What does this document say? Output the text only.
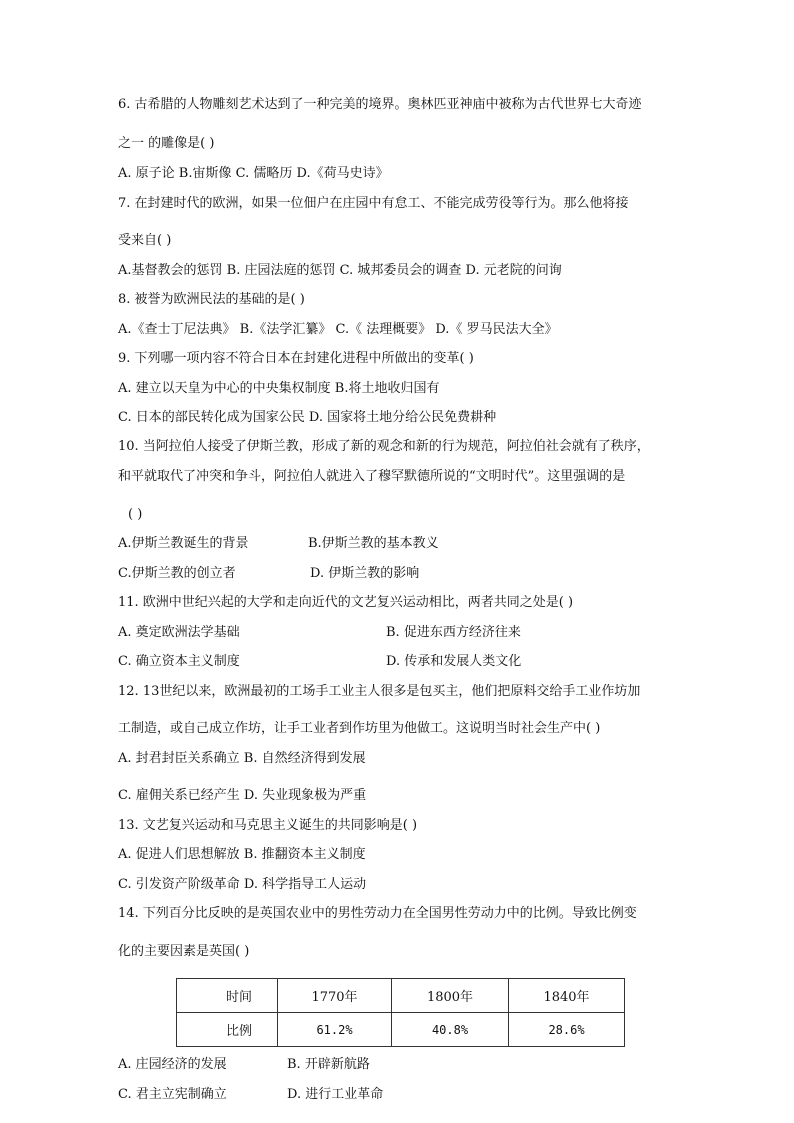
6. 古希腊的人物雕刻艺术达到了一种完美的境界。奥林匹亚神庙中被称为古代世界七大奇迹
之一 的雕像是( )
A. 原子论 B.宙斯像 C. 儒略历 D.《荷马史诗》
7. 在封建时代的欧洲，如果一位佃户在庄园中有怠工、不能完成劳役等行为。那么他将接
受来自( )
A.基督教会的惩罚 B. 庄园法庭的惩罚 C. 城邦委员会的调查 D. 元老院的问询
8. 被誉为欧洲民法的基础的是( )
A.《查士丁尼法典》 B.《法学汇纂》 C.《 法理概要》 D.《 罗马民法大全》
9. 下列哪一项内容不符合日本在封建化进程中所做出的变革( )
A. 建立以天皇为中心的中央集权制度 B.将土地收归国有
C. 日本的部民转化成为国家公民 D. 国家将土地分给公民免费耕种
10. 当阿拉伯人接受了伊斯兰教，形成了新的观念和新的行为规范，阿拉伯社会就有了秩序，
和平就取代了冲突和争斗，阿拉伯人就进入了穆罕默德所说的“文明时代”。这里强调的是
( )
A.伊斯兰教诞生的背景	B.伊斯兰教的基本教义
C.伊斯兰教的创立者	D. 伊斯兰教的影响
11. 欧洲中世纪兴起的大学和走向近代的文艺复兴运动相比，两者共同之处是( )
A. 奠定欧洲法学基础	B. 促进东西方经济往来
C. 确立资本主义制度	D. 传承和发展人类文化
12. 13世纪以来，欧洲最初的工场手工业主人很多是包买主，他们把原料交给手工业作坊加
工制造，或自己成立作坊，让手工业者到作坊里为他做工。这说明当时社会生产中( )
A. 封君封臣关系确立 B. 自然经济得到发展
C. 雇佣关系已经产生 D. 失业现象极为严重
13. 文艺复兴运动和马克思主义诞生的共同影响是( )
A. 促进人们思想解放 B. 推翻资本主义制度
C. 引发资产阶级革命 D. 科学指导工人运动
14. 下列百分比反映的是英国农业中的男性劳动力在全国男性劳动力中的比例。导致比例变
化的主要因素是英国( )
时间	1770年	1800年	1840年
比例	61.2%	40.8%	28.6%
A. 庄园经济的发展	B. 开辟新航路
C. 君主立宪制确立	D. 进行工业革命
